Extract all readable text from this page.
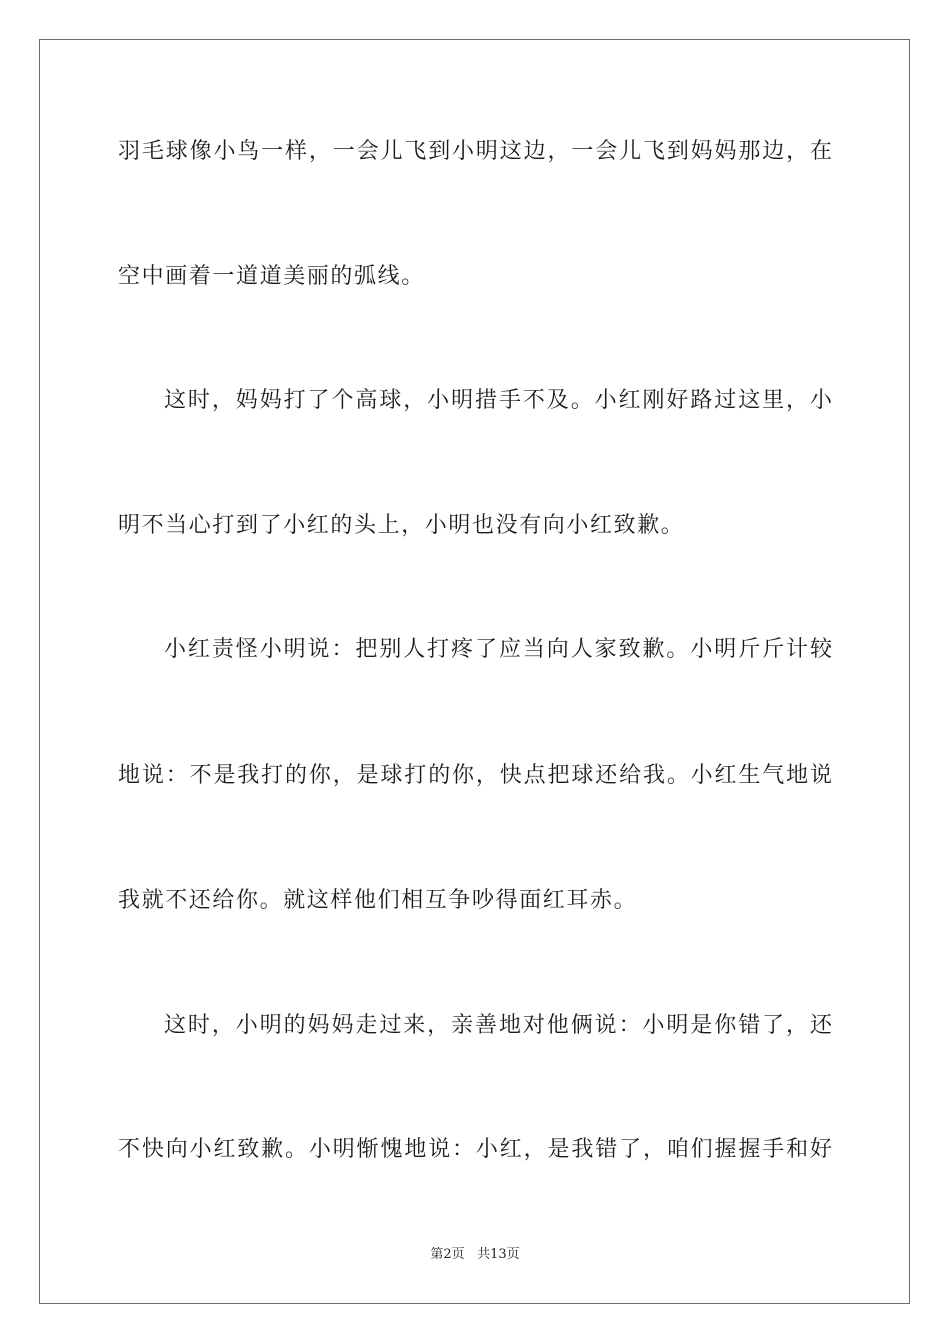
羽毛球像小鸟一样，一会儿飞到小明这边，一会儿飞到妈妈那边，在
空中画着一道道美丽的弧线。
这时，妈妈打了个高球，小明措手不及。小红刚好路过这里，小
明不当心打到了小红的头上，小明也没有向小红致歉。
小红责怪小明说：把别人打疼了应当向人家致歉。小明斤斤计较
地说：不是我打的你，是球打的你，快点把球还给我。小红生气地说
我就不还给你。就这样他们相互争吵得面红耳赤。
这时，小明的妈妈走过来，亲善地对他俩说：小明是你错了，还
不快向小红致歉。小明惭愧地说：小红，是我错了，咱们握握手和好
第2页 共13页
